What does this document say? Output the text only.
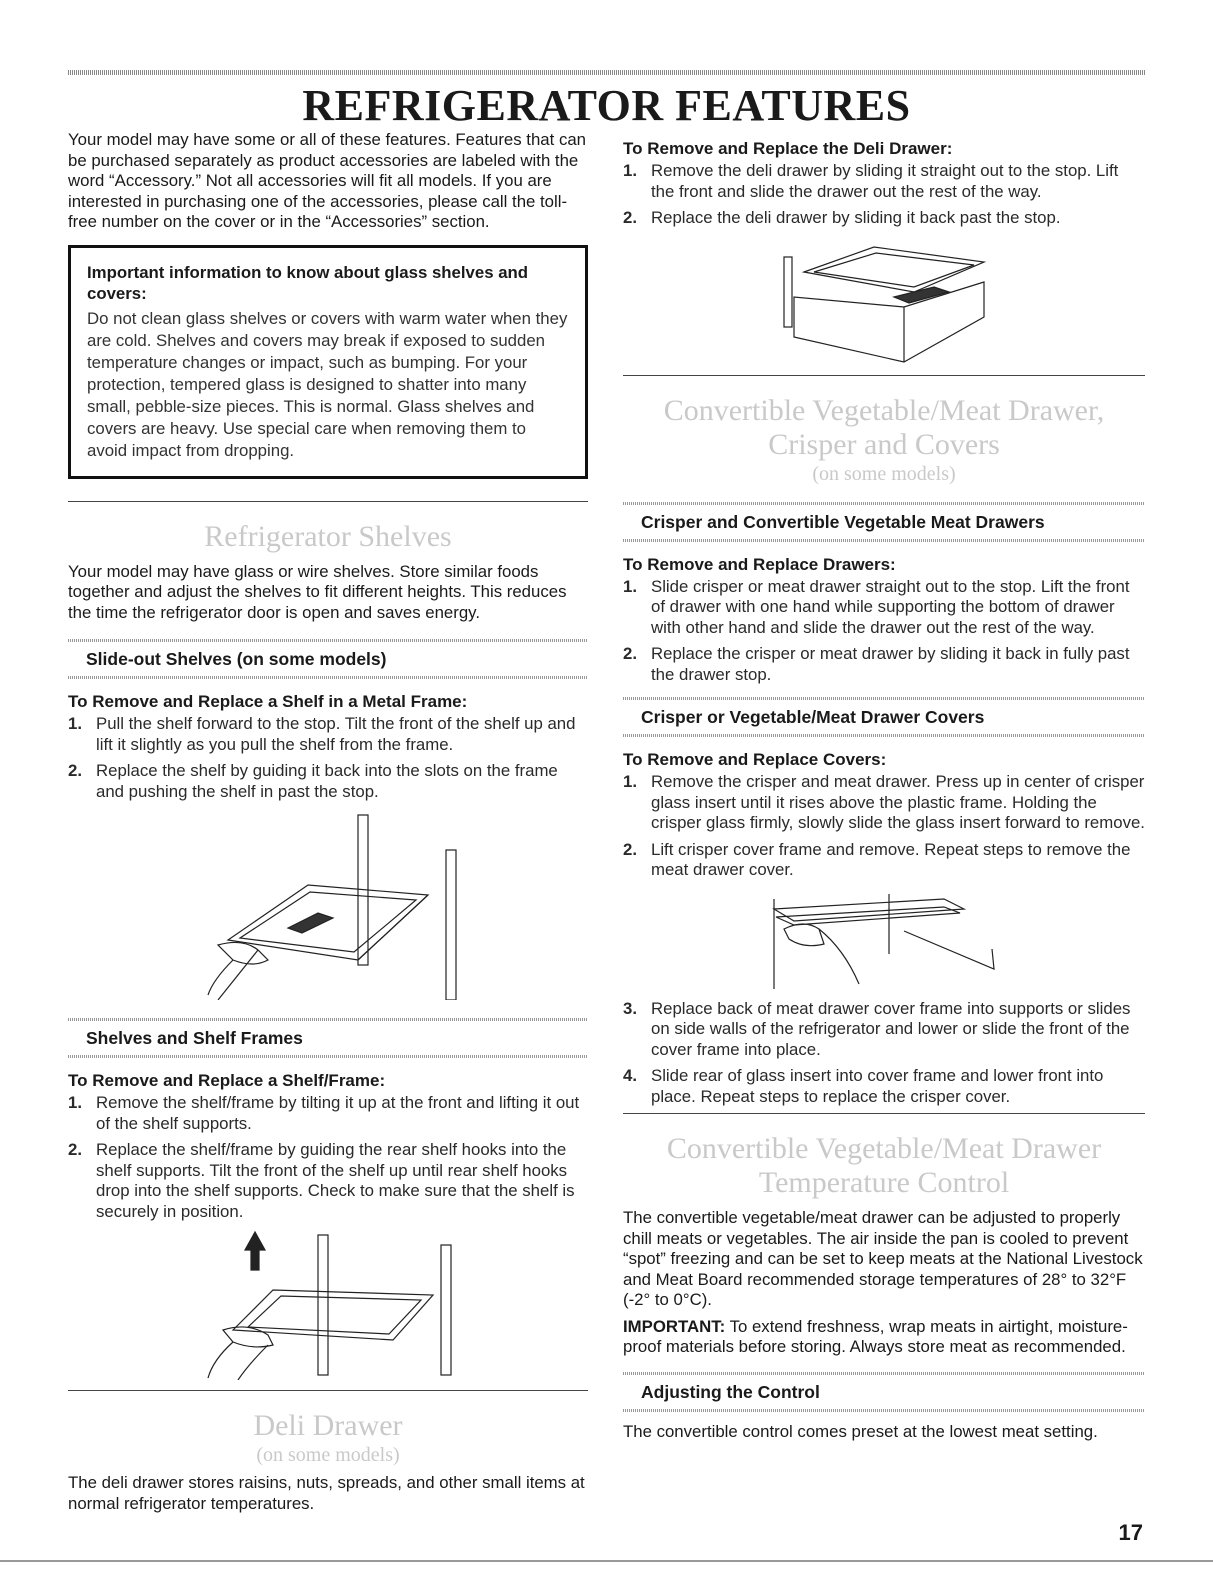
REFRIGERATOR FEATURES

Your model may have some or all of these features. Features that can be purchased separately as product accessories are labeled with the word “Accessory.” Not all accessories will fit all models. If you are interested in purchasing one of the accessories, please call the toll-free number on the cover or in the “Accessories” section.

Important information to know about glass shelves and covers:
Do not clean glass shelves or covers with warm water when they are cold. Shelves and covers may break if exposed to sudden temperature changes or impact, such as bumping. For your protection, tempered glass is designed to shatter into many small, pebble-size pieces. This is normal. Glass shelves and covers are heavy. Use special care when removing them to avoid impact from dropping.
Refrigerator Shelves

Your model may have glass or wire shelves. Store similar foods together and adjust the shelves to fit different heights. This reduces the time the refrigerator door is open and saves energy.

Slide-out Shelves (on some models)
To Remove and Replace a Shelf in a Metal Frame:
1. Pull the shelf forward to the stop. Tilt the front of the shelf up and lift it slightly as you pull the shelf from the frame.
2. Replace the shelf by guiding it back into the slots on the frame and pushing the shelf in past the stop.
Shelves and Shelf Frames
To Remove and Replace a Shelf/Frame:
1. Remove the shelf/frame by tilting it up at the front and lifting it out of the shelf supports.
2. Replace the shelf/frame by guiding the rear shelf hooks into the shelf supports. Tilt the front of the shelf up until rear shelf hooks drop into the shelf supports. Check to make sure that the shelf is securely in position.
Deli Drawer
(on some models)

The deli drawer stores raisins, nuts, spreads, and other small items at normal refrigerator temperatures.

To Remove and Replace the Deli Drawer:
1. Remove the deli drawer by sliding it straight out to the stop. Lift the front and slide the drawer out the rest of the way.
2. Replace the deli drawer by sliding it back past the stop.
Convertible Vegetable/Meat Drawer,
Crisper and Covers
(on some models)
Crisper and Convertible Vegetable Meat Drawers
To Remove and Replace Drawers:
1. Slide crisper or meat drawer straight out to the stop. Lift the front of drawer with one hand while supporting the bottom of drawer with other hand and slide the drawer out the rest of the way.
2. Replace the crisper or meat drawer by sliding it back in fully past the drawer stop.
Crisper or Vegetable/Meat Drawer Covers
To Remove and Replace Covers:
1. Remove the crisper and meat drawer. Press up in center of crisper glass insert until it rises above the plastic frame. Holding the crisper glass firmly, slowly slide the glass insert forward to remove.
2. Lift crisper cover frame and remove. Repeat steps to remove the meat drawer cover.
3. Replace back of meat drawer cover frame into supports or slides on side walls of the refrigerator and lower or slide the front of the cover frame into place.
4. Slide rear of glass insert into cover frame and lower front into place. Repeat steps to replace the crisper cover.
Convertible Vegetable/Meat Drawer
Temperature Control

The convertible vegetable/meat drawer can be adjusted to properly chill meats or vegetables. The air inside the pan is cooled to prevent “spot” freezing and can be set to keep meats at the National Livestock and Meat Board recommended storage temperatures of 28° to 32°F (-2° to 0°C).

IMPORTANT: To extend freshness, wrap meats in airtight, moisture-proof materials before storing. Always store meat as recommended.

Adjusting the Control

The convertible control comes preset at the lowest meat setting.

17
